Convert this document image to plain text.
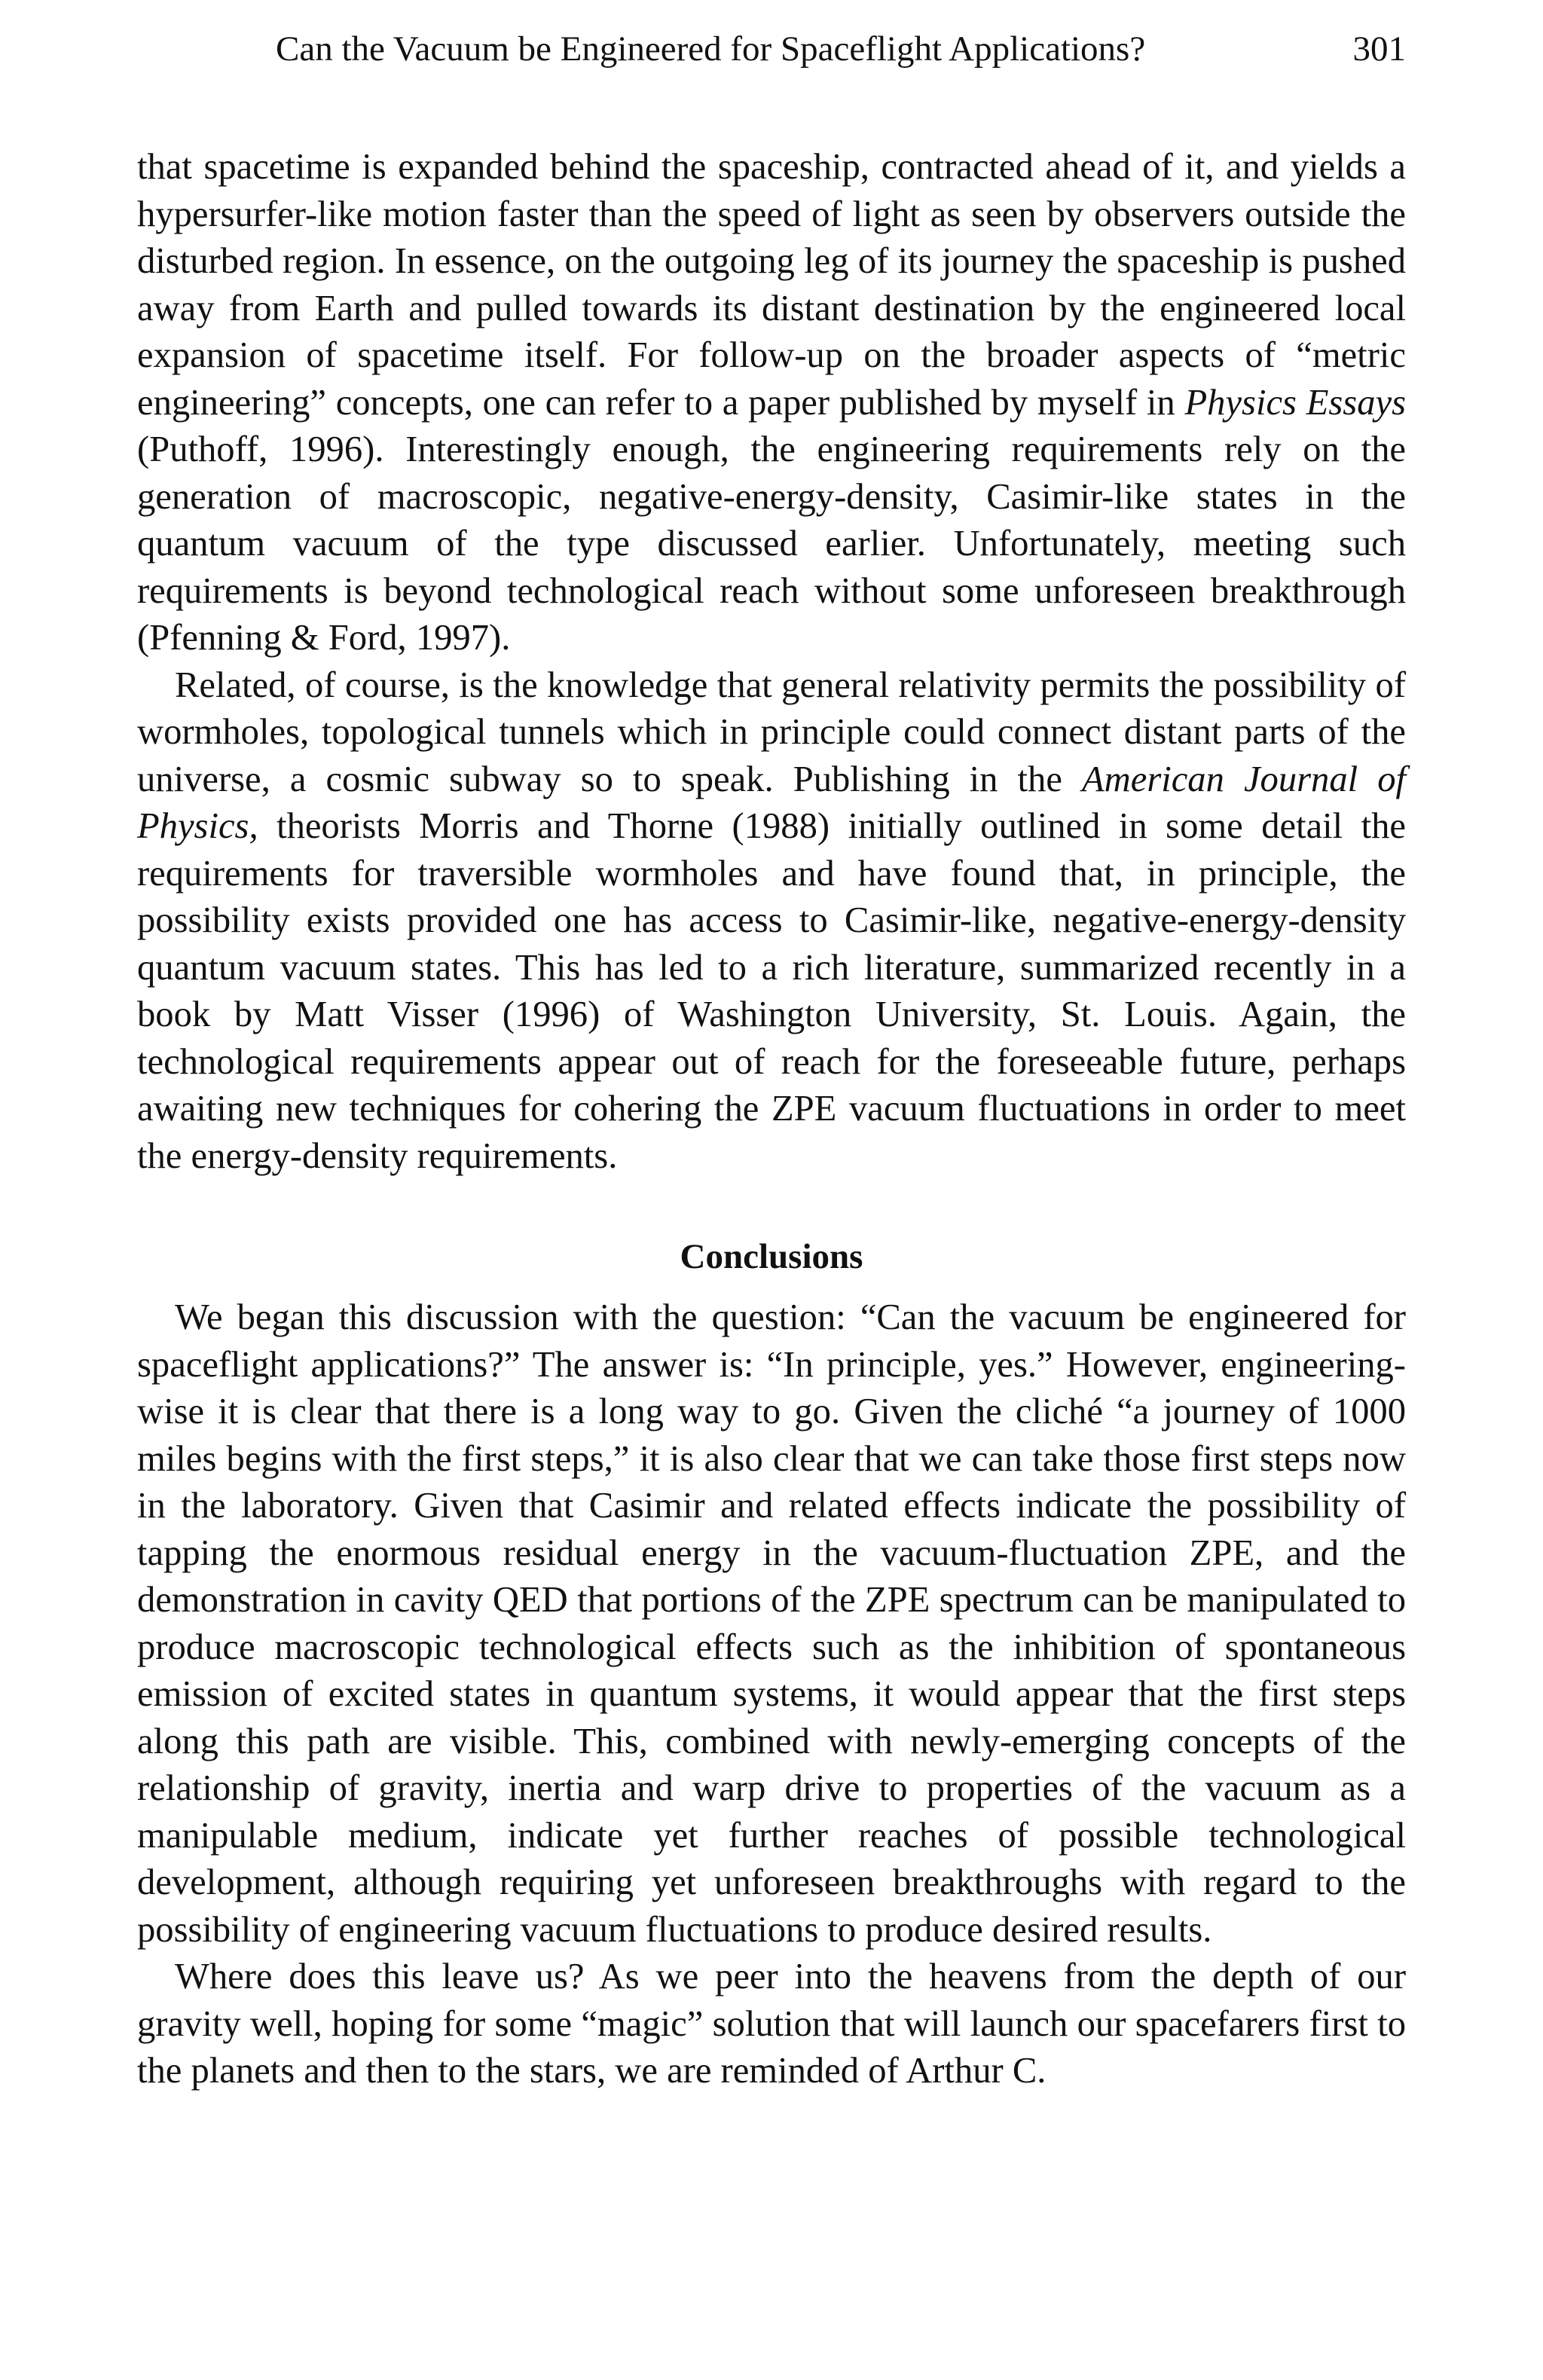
Can the Vacuum be Engineered for Spaceflight Applications?	301

that spacetime is expanded behind the spaceship, contracted ahead of it, and yields a hypersurfer-like motion faster than the speed of light as seen by observers outside the disturbed region. In essence, on the outgoing leg of its journey the spaceship is pushed away from Earth and pulled towards its distant destination by the engineered local expansion of spacetime itself. For follow-up on the broader aspects of “metric engineering” concepts, one can refer to a paper published by myself in Physics Essays (Puthoff, 1996). Interestingly enough, the engineering requirements rely on the generation of macroscopic, negative-energy-density, Casimir-like states in the quantum vacuum of the type discussed earlier. Unfortunately, meeting such requirements is beyond technological reach without some unforeseen breakthrough (Pfenning & Ford, 1997).

Related, of course, is the knowledge that general relativity permits the possibility of wormholes, topological tunnels which in principle could connect distant parts of the universe, a cosmic subway so to speak. Publishing in the American Journal of Physics, theorists Morris and Thorne (1988) initially outlined in some detail the requirements for traversible wormholes and have found that, in principle, the possibility exists provided one has access to Casimir-like, negative-energy-density quantum vacuum states. This has led to a rich literature, summarized recently in a book by Matt Visser (1996) of Washington University, St. Louis. Again, the technological requirements appear out of reach for the foreseeable future, perhaps awaiting new techniques for cohering the ZPE vacuum fluctuations in order to meet the energy-density requirements.

Conclusions

We began this discussion with the question: “Can the vacuum be engineered for spaceflight applications?” The answer is: “In principle, yes.” However, engineering-wise it is clear that there is a long way to go. Given the cliché “a journey of 1000 miles begins with the first steps,” it is also clear that we can take those first steps now in the laboratory. Given that Casimir and related effects indicate the possibility of tapping the enormous residual energy in the vacuum-fluctuation ZPE, and the demonstration in cavity QED that portions of the ZPE spectrum can be manipulated to produce macroscopic technological effects such as the inhibition of spontaneous emission of excited states in quantum systems, it would appear that the first steps along this path are visible. This, combined with newly-emerging concepts of the relationship of gravity, inertia and warp drive to properties of the vacuum as a manipulable medium, indicate yet further reaches of possible technological development, although requiring yet unforeseen breakthroughs with regard to the possibility of engineering vacuum fluctuations to produce desired results.

Where does this leave us? As we peer into the heavens from the depth of our gravity well, hoping for some “magic” solution that will launch our spacefarers first to the planets and then to the stars, we are reminded of Arthur C.
